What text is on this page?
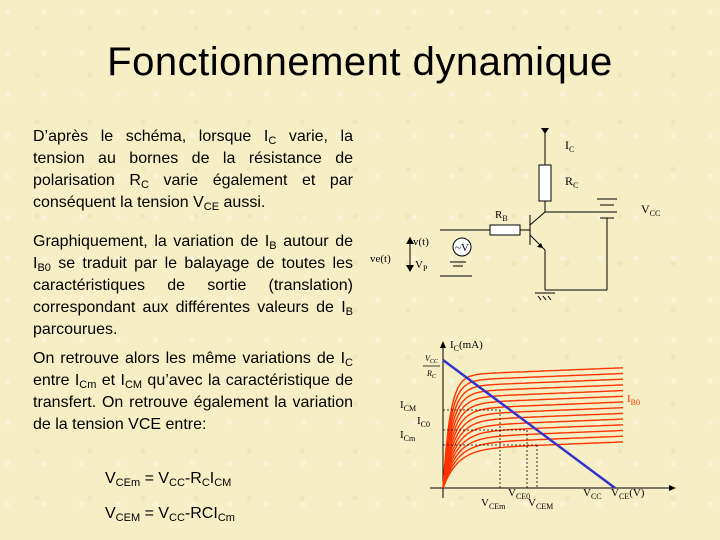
Fonctionnement dynamique
D’après le schéma, lorsque $I_C$ varie, la tension au bornes de la résistance de polarisation $R_C$ varie également et par conséquent la tension $V_{CE}$ aussi.
Graphiquement, la variation de $I_B$ autour de $I_{B0}$ se traduit par le balayage de toutes les caractéristiques de sortie (translation) correspondant aux différentes valeurs de $I_B$ parcourues.
On retrouve alors les même variations de $I_C$ entre $I_{Cm}$ et $I_{CM}$ qu’avec la caractéristique de transfert. On retrouve également la variation de la tension VCE entre:
$V_{CEm} = V_{CC}-R_CI_{CM}$
$V_{CEM} = V_{CC}-RCI_{Cm}$
$I_C$
$R_C$
$R_B$
$V_{CC}$
v(t)
ve(t) $V_P$
~V
$I_C(mA)$
$V_{CC}$
$R_C$
$I_{CM}$
$I_{C0}$
$I_{Cm}$
$I_{B0}$
$V_{CEm}$
$V_{CE0}$
$V_{CEM}$
$V_{CC}$ $V_{CE}(V)$
